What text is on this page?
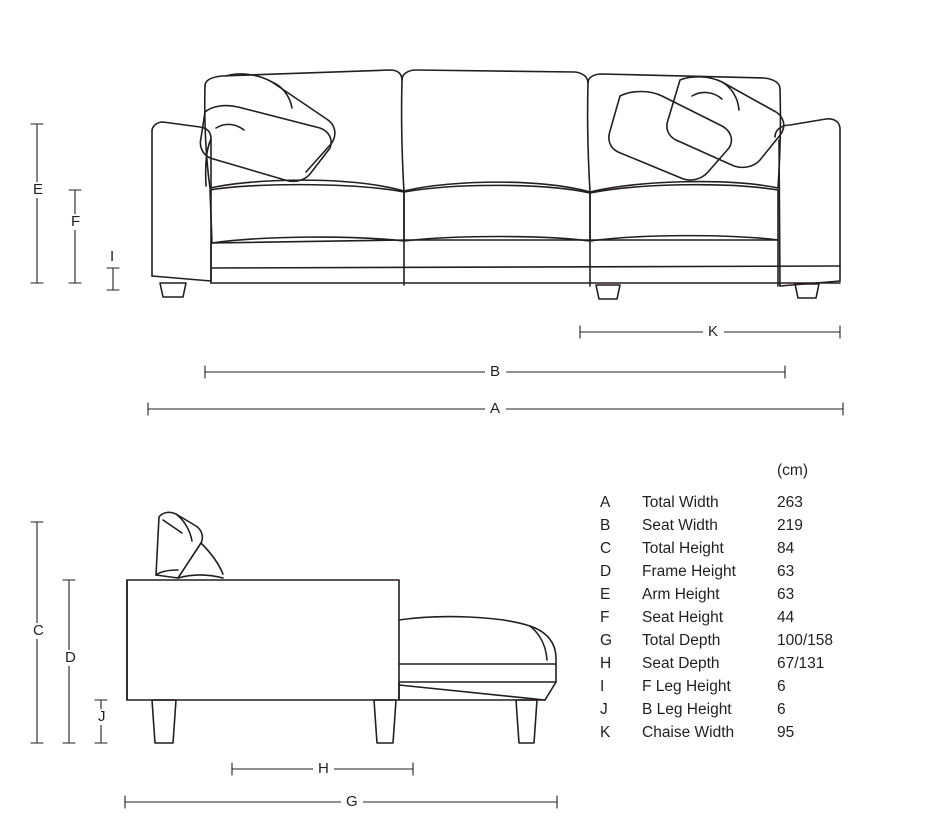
E
F
I
K
B
A
C
D
J
H
G
(cm)
A	Total Width	263
B	Seat Width	219
C	Total Height	84
D	Frame Height	63
E	Arm Height	63
F	Seat Height	44
G	Total Depth	100/158
H	Seat Depth	67/131
I	F Leg Height	6
J	B Leg Height	6
K	Chaise Width	95
